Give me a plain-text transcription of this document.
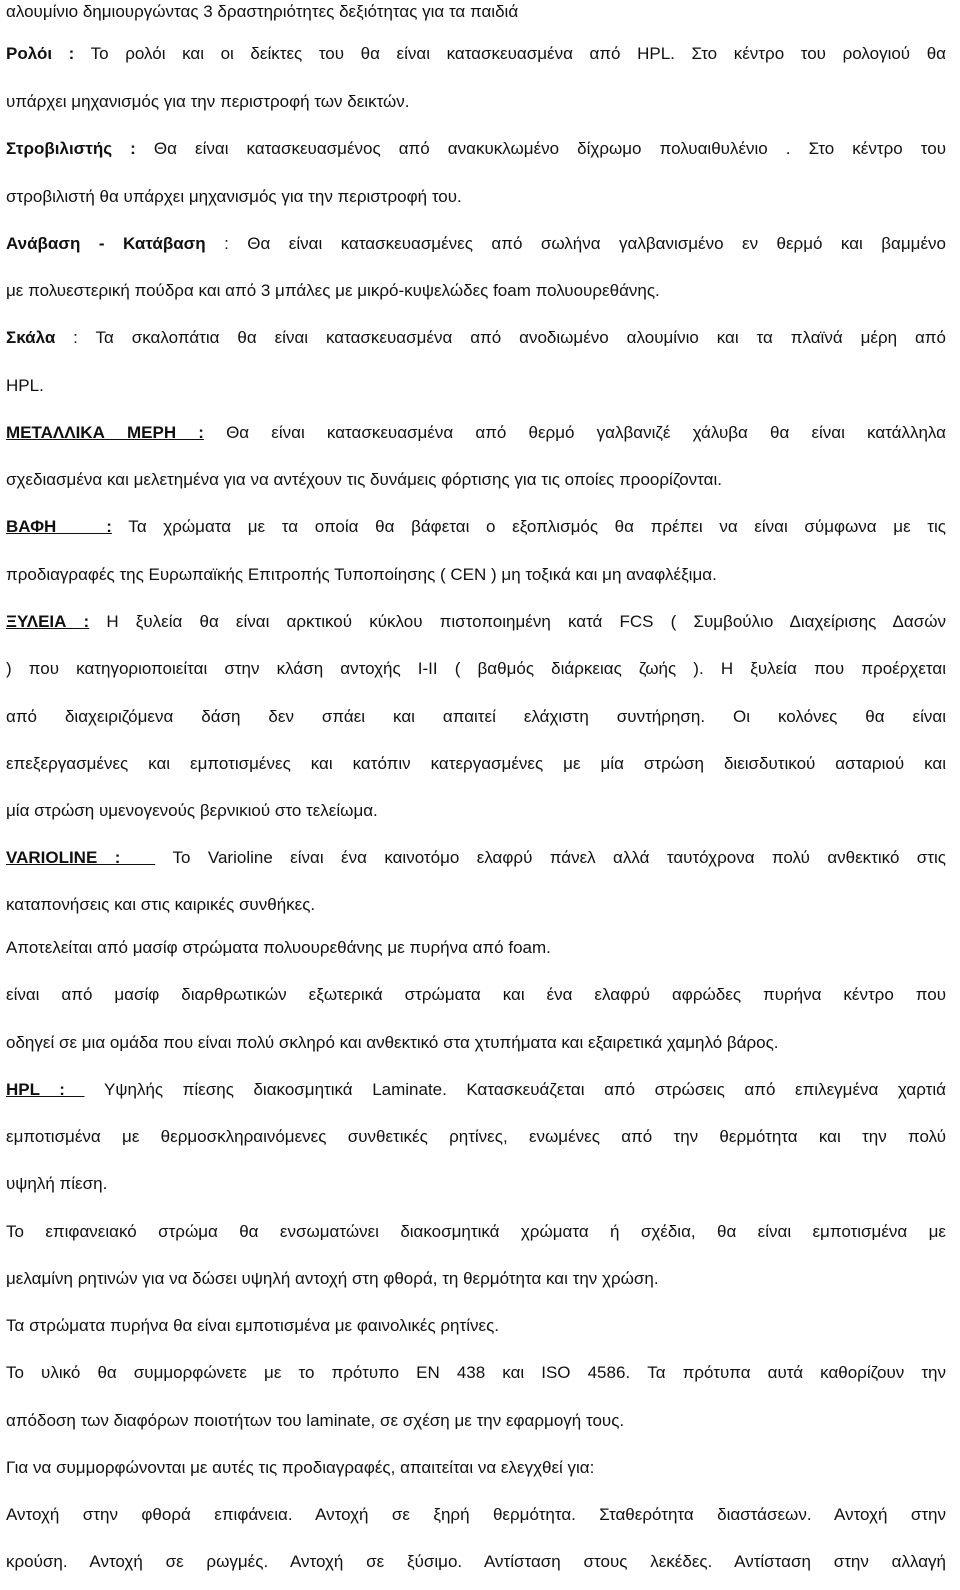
αλουμίνιο δημιουργώντας 3 δραστηριότητες δεξιότητας για τα παιδιά
Ρολόι : Το ρολόι και οι δείκτες του θα είναι κατασκευασμένα από HPL. Στο κέντρο του ρολογιού θα
υπάρχει μηχανισμός για την περιστροφή των δεικτών.
Στροβιλιστής : Θα είναι κατασκευασμένος από ανακυκλωμένο δίχρωμο πολυαιθυλένιο . Στο κέντρο του
στροβιλιστή θα υπάρχει μηχανισμός για την περιστροφή του.
Ανάβαση - Κατάβαση : Θα είναι κατασκευασμένες από σωλήνα γαλβανισμένο εν θερμό και βαμμένο
με πολυεστερική πούδρα και από 3 μπάλες με μικρό-κυψελώδες foam πολυουρεθάνης.
Σκάλα : Τα σκαλοπάτια θα είναι κατασκευασμένα από ανοδιωμένο αλουμίνιο και τα πλαϊνά μέρη από
HPL.
ΜΕΤΑΛΛΙΚΑ ΜΕΡΗ : Θα είναι κατασκευασμένα από θερμό γαλβανιζέ χάλυβα θα είναι κατάλληλα
σχεδιασμένα και μελετημένα για να αντέχουν τις δυνάμεις φόρτισης για τις οποίες προορίζονται.
ΒΑΦΗ   : Τα χρώματα με τα οποία θα βάφεται ο εξοπλισμός θα πρέπει να είναι σύμφωνα με τις
προδιαγραφές της Ευρωπαϊκής Επιτροπής Τυποποίησης ( CEN ) μη τοξικά και μη αναφλέξιμα.
ΞΥΛΕΙΑ : Η ξυλεία θα είναι αρκτικού κύκλου πιστοποιημένη κατά FCS ( Συμβούλιο Διαχείρισης Δασών
) που κατηγοριοποιείται στην κλάση αντοχής I-II ( βαθμός διάρκειας ζωής ). Η ξυλεία που προέρχεται
από διαχειριζόμενα δάση δεν σπάει και απαιτεί ελάχιστη συντήρηση. Οι κολόνες θα είναι
επεξεργασμένες και εμποτισμένες και κατόπιν κατεργασμένες με μία στρώση διεισδυτικού ασταριού και
μία στρώση υμενογενούς βερνικιού στο τελείωμα.
VARIOLINE :   Το Varioline είναι ένα καινοτόμο ελαφρύ πάνελ αλλά ταυτόχρονα πολύ ανθεκτικό στις
καταπονήσεις και στις καιρικές συνθήκες.
Αποτελείται από μασίφ στρώματα πολυουρεθάνης με πυρήνα από foam.
είναι από μασίφ διαρθρωτικών εξωτερικά στρώματα και ένα ελαφρύ αφρώδες πυρήνα κέντρο που
οδηγεί σε μια ομάδα που είναι πολύ σκληρό και ανθεκτικό στα χτυπήματα και εξαιρετικά χαμηλό βάρος.
HPL :  Υψηλής πίεσης διακοσμητικά Laminate. Κατασκευάζεται από στρώσεις από επιλεγμένα χαρτιά
εμποτισμένα με θερμοσκληραινόμενες συνθετικές ρητίνες, ενωμένες από την θερμότητα και την πολύ
υψηλή πίεση.
Το επιφανειακό στρώμα θα ενσωματώνει διακοσμητικά χρώματα ή σχέδια, θα είναι εμποτισμένα με
μελαμίνη ρητινών για να δώσει υψηλή αντοχή στη φθορά, τη θερμότητα και την χρώση.
Τα στρώματα πυρήνα θα είναι εμποτισμένα με φαινολικές ρητίνες.
Το υλικό θα συμμορφώνετε με το πρότυπο EN 438 και ISO 4586. Τα πρότυπα αυτά καθορίζουν την
απόδοση των διαφόρων ποιοτήτων του laminate, σε σχέση με την εφαρμογή τους.
Για να συμμορφώνονται με αυτές τις προδιαγραφές, απαιτείται να ελεγχθεί για:
Αντοχή στην φθορά επιφάνεια. Αντοχή σε ξηρή θερμότητα. Σταθερότητα διαστάσεων. Αντοχή στην
κρούση. Αντοχή σε ρωγμές. Αντοχή σε ξύσιμο. Αντίσταση στους λεκέδες. Αντίσταση στην αλλαγή
